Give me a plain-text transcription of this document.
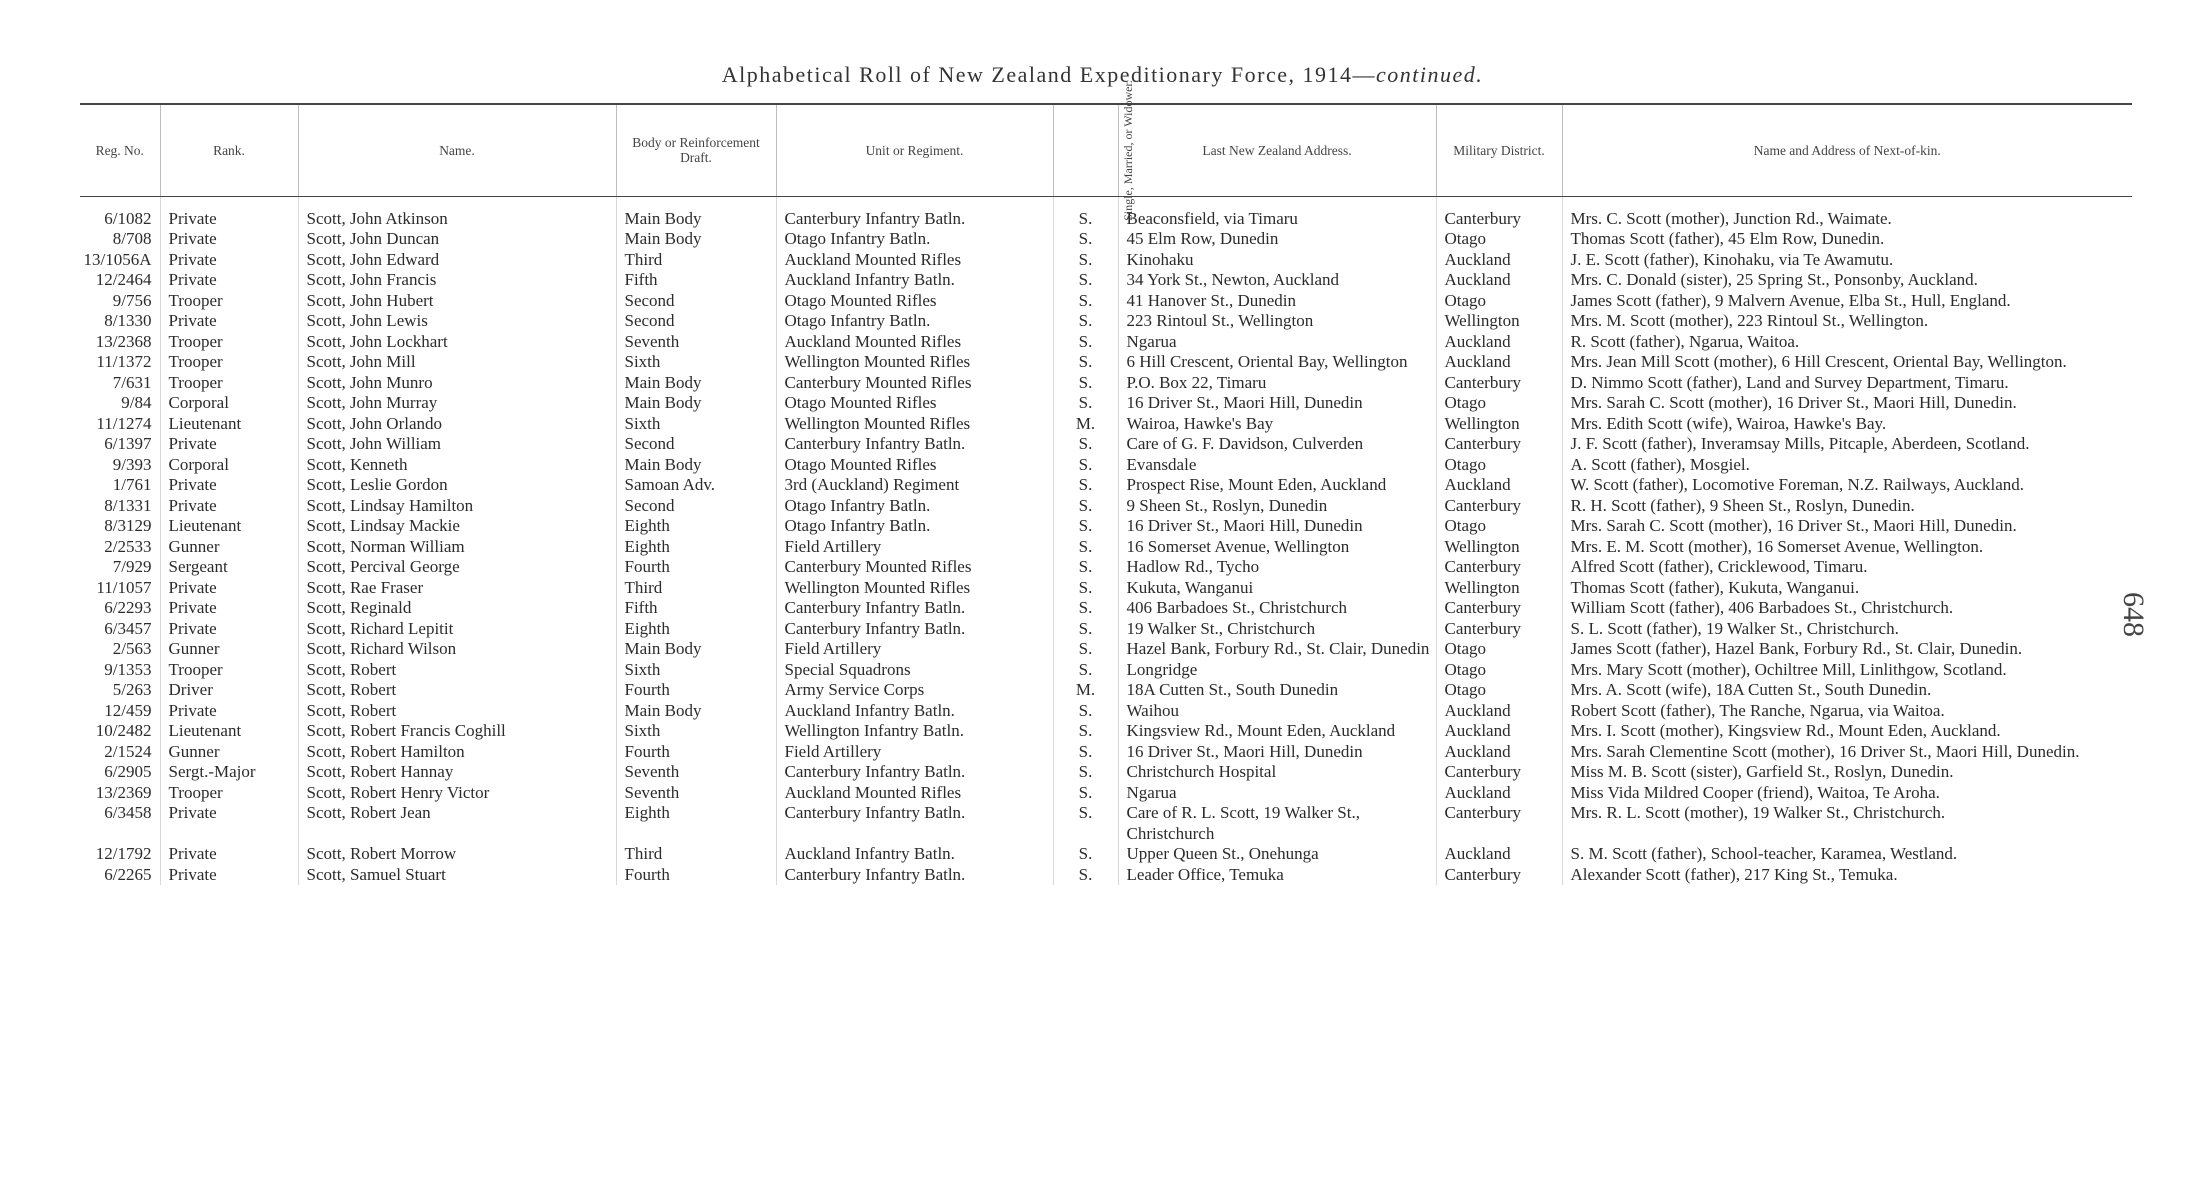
Alphabetical Roll of New Zealand Expeditionary Force, 1914—continued.
648
Reg. No.	Rank.	Name.	Body or Reinforcement Draft.	Unit or Regiment.	Single, Married, or Widower.	Last New Zealand Address.	Military District.	Name and Address of Next-of-kin.
6/1082	Private	Scott, John Atkinson	Main Body	Canterbury Infantry Batln.	S.	Beaconsfield, via Timaru	Canterbury	Mrs. C. Scott (mother), Junction Rd., Waimate.
8/708	Private	Scott, John Duncan	Main Body	Otago Infantry Batln.	S.	45 Elm Row, Dunedin	Otago	Thomas Scott (father), 45 Elm Row, Dunedin.
13/1056A	Private	Scott, John Edward	Third	Auckland Mounted Rifles	S.	Kinohaku	Auckland	J. E. Scott (father), Kinohaku, via Te Awamutu.
12/2464	Private	Scott, John Francis	Fifth	Auckland Infantry Batln.	S.	34 York St., Newton, Auckland	Auckland	Mrs. C. Donald (sister), 25 Spring St., Ponsonby, Auckland.
9/756	Trooper	Scott, John Hubert	Second	Otago Mounted Rifles	S.	41 Hanover St., Dunedin	Otago	James Scott (father), 9 Malvern Avenue, Elba St., Hull, England.
8/1330	Private	Scott, John Lewis	Second	Otago Infantry Batln.	S.	223 Rintoul St., Wellington	Wellington	Mrs. M. Scott (mother), 223 Rintoul St., Wellington.
13/2368	Trooper	Scott, John Lockhart	Seventh	Auckland Mounted Rifles	S.	Ngarua	Auckland	R. Scott (father), Ngarua, Waitoa.
11/1372	Trooper	Scott, John Mill	Sixth	Wellington Mounted Rifles	S.	6 Hill Crescent, Oriental Bay, Wellington	Auckland	Mrs. Jean Mill Scott (mother), 6 Hill Crescent, Oriental Bay, Wellington.
7/631	Trooper	Scott, John Munro	Main Body	Canterbury Mounted Rifles	S.	P.O. Box 22, Timaru	Canterbury	D. Nimmo Scott (father), Land and Survey Department, Timaru.
9/84	Corporal	Scott, John Murray	Main Body	Otago Mounted Rifles	S.	16 Driver St., Maori Hill, Dunedin	Otago	Mrs. Sarah C. Scott (mother), 16 Driver St., Maori Hill, Dunedin.
11/1274	Lieutenant	Scott, John Orlando	Sixth	Wellington Mounted Rifles	M.	Wairoa, Hawke's Bay	Wellington	Mrs. Edith Scott (wife), Wairoa, Hawke's Bay.
6/1397	Private	Scott, John William	Second	Canterbury Infantry Batln.	S.	Care of G. F. Davidson, Culverden	Canterbury	J. F. Scott (father), Inveramsay Mills, Pitcaple, Aberdeen, Scotland.
9/393	Corporal	Scott, Kenneth	Main Body	Otago Mounted Rifles	S.	Evansdale	Otago	A. Scott (father), Mosgiel.
1/761	Private	Scott, Leslie Gordon	Samoan Adv.	3rd (Auckland) Regiment	S.	Prospect Rise, Mount Eden, Auckland	Auckland	W. Scott (father), Locomotive Foreman, N.Z. Railways, Auckland.
8/1331	Private	Scott, Lindsay Hamilton	Second	Otago Infantry Batln.	S.	9 Sheen St., Roslyn, Dunedin	Canterbury	R. H. Scott (father), 9 Sheen St., Roslyn, Dunedin.
8/3129	Lieutenant	Scott, Lindsay Mackie	Eighth	Otago Infantry Batln.	S.	16 Driver St., Maori Hill, Dunedin	Otago	Mrs. Sarah C. Scott (mother), 16 Driver St., Maori Hill, Dunedin.
2/2533	Gunner	Scott, Norman William	Eighth	Field Artillery	S.	16 Somerset Avenue, Wellington	Wellington	Mrs. E. M. Scott (mother), 16 Somerset Avenue, Wellington.
7/929	Sergeant	Scott, Percival George	Fourth	Canterbury Mounted Rifles	S.	Hadlow Rd., Tycho	Canterbury	Alfred Scott (father), Cricklewood, Timaru.
11/1057	Private	Scott, Rae Fraser	Third	Wellington Mounted Rifles	S.	Kukuta, Wanganui	Wellington	Thomas Scott (father), Kukuta, Wanganui.
6/2293	Private	Scott, Reginald	Fifth	Canterbury Infantry Batln.	S.	406 Barbadoes St., Christchurch	Canterbury	William Scott (father), 406 Barbadoes St., Christchurch.
6/3457	Private	Scott, Richard Lepitit	Eighth	Canterbury Infantry Batln.	S.	19 Walker St., Christchurch	Canterbury	S. L. Scott (father), 19 Walker St., Christchurch.
2/563	Gunner	Scott, Richard Wilson	Main Body	Field Artillery	S.	Hazel Bank, Forbury Rd., St. Clair, Dunedin	Otago	James Scott (father), Hazel Bank, Forbury Rd., St. Clair, Dunedin.
9/1353	Trooper	Scott, Robert	Sixth	Special Squadrons	S.	Longridge	Otago	Mrs. Mary Scott (mother), Ochiltree Mill, Linlithgow, Scotland.
5/263	Driver	Scott, Robert	Fourth	Army Service Corps	M.	18A Cutten St., South Dunedin	Otago	Mrs. A. Scott (wife), 18A Cutten St., South Dunedin.
12/459	Private	Scott, Robert	Main Body	Auckland Infantry Batln.	S.	Waihou	Auckland	Robert Scott (father), The Ranche, Ngarua, via Waitoa.
10/2482	Lieutenant	Scott, Robert Francis Coghill	Sixth	Wellington Infantry Batln.	S.	Kingsview Rd., Mount Eden, Auckland	Auckland	Mrs. I. Scott (mother), Kingsview Rd., Mount Eden, Auckland.
2/1524	Gunner	Scott, Robert Hamilton	Fourth	Field Artillery	S.	16 Driver St., Maori Hill, Dunedin	Auckland	Mrs. Sarah Clementine Scott (mother), 16 Driver St., Maori Hill, Dunedin.
6/2905	Sergt.-Major	Scott, Robert Hannay	Seventh	Canterbury Infantry Batln.	S.	Christchurch Hospital	Canterbury	Miss M. B. Scott (sister), Garfield St., Roslyn, Dunedin.
13/2369	Trooper	Scott, Robert Henry Victor	Seventh	Auckland Mounted Rifles	S.	Ngarua	Auckland	Miss Vida Mildred Cooper (friend), Waitoa, Te Aroha.
6/3458	Private	Scott, Robert Jean	Eighth	Canterbury Infantry Batln.	S.	Care of R. L. Scott, 19 Walker St., Christchurch	Canterbury	Mrs. R. L. Scott (mother), 19 Walker St., Christchurch.
12/1792	Private	Scott, Robert Morrow	Third	Auckland Infantry Batln.	S.	Upper Queen St., Onehunga	Auckland	S. M. Scott (father), School-teacher, Karamea, Westland.
6/2265	Private	Scott, Samuel Stuart	Fourth	Canterbury Infantry Batln.	S.	Leader Office, Temuka	Canterbury	Alexander Scott (father), 217 King St., Temuka.
